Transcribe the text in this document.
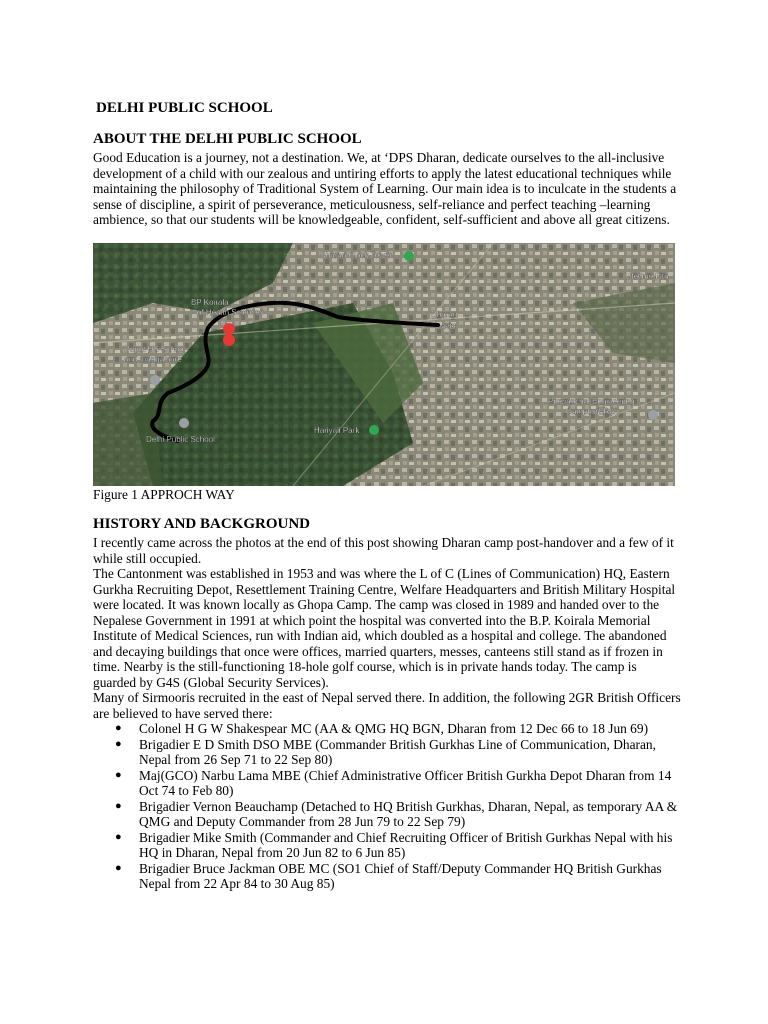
DELHI PUBLIC SCHOOL
ABOUT THE DELHI PUBLIC SCHOOL

Good Education is a journey, not a destination. We, at ‘DPS Dharan, dedicate ourselves to the all-inclusive development of a child with our zealous and untiring efforts to apply the latest educational techniques while maintaining the philosophy of Traditional System of Learning. Our main idea is to inculcate in the students a sense of discipline, a spirit of perseverance, meticulousness, self-reliance and perfect teaching –learning ambience, so that our students will be knowledgeable, confident, self-sufficient and above all great citizens.

Dharan Clock Tower
Lifetime Fitn
BP Koirala
of Health Sciences	Dharan
धरान
Depot HS School
and mangalaare
Purwanchal Engineering
Campus(ERC)
Hariyali Park
Delhi Public School
Figure 1 APPROCH WAY
HISTORY AND BACKGROUND

I recently came across the photos at the end of this post showing Dharan camp post-handover and a few of it while still occupied.

The Cantonment was established in 1953 and was where the L of C (Lines of Communication) HQ, Eastern Gurkha Recruiting Depot, Resettlement Training Centre, Welfare Headquarters and British Military Hospital were located. It was known locally as Ghopa Camp. The camp was closed in 1989 and handed over to the Nepalese Government in 1991 at which point the hospital was converted into the B.P. Koirala Memorial Institute of Medical Sciences, run with Indian aid, which doubled as a hospital and college. The abandoned and decaying buildings that once were offices, married quarters, messes, canteens still stand as if frozen in time. Nearby is the still-functioning 18-hole golf course, which is in private hands today. The camp is guarded by G4S (Global Security Services).

Many of Sirmooris recruited in the east of Nepal served there. In addition, the following 2GR British Officers are believed to have served there:

● Colonel H G W Shakespear MC (AA & QMG HQ BGN, Dharan from 12 Dec 66 to 18 Jun 69)
● Brigadier E D Smith DSO MBE (Commander British Gurkhas Line of Communication, Dharan, Nepal from 26 Sep 71 to 22 Sep 80)
● Maj(GCO) Narbu Lama MBE (Chief Administrative Officer British Gurkha Depot Dharan from 14 Oct 74 to Feb 80)
● Brigadier Vernon Beauchamp (Detached to HQ British Gurkhas, Dharan, Nepal, as temporary AA & QMG and Deputy Commander from 28 Jun 79 to 22 Sep 79)
● Brigadier Mike Smith (Commander and Chief Recruiting Officer of British Gurkhas Nepal with his HQ in Dharan, Nepal from 20 Jun 82 to 6 Jun 85)
● Brigadier Bruce Jackman OBE MC (SO1 Chief of Staff/Deputy Commander HQ British Gurkhas Nepal from 22 Apr 84 to 30 Aug 85)
